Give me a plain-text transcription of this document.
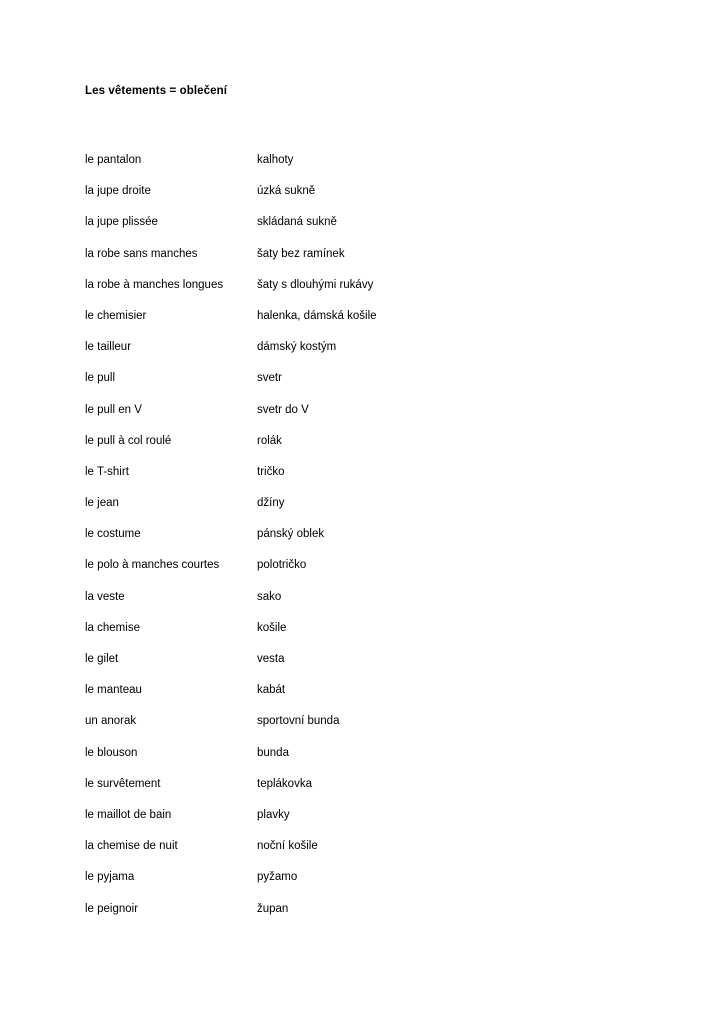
Les vêtements = oblečení
le pantalon	kalhoty
la jupe droite	úzká sukně
la jupe plissée	skládaná sukně
la robe sans manches	šaty bez ramínek
la robe à manches longues	šaty s dlouhými rukávy
le chemisier	halenka, dámská košile
le tailleur	dámský kostým
le pull	svetr
le pull en V	svetr do V
le pull à col roulé	rolák
le T-shirt	tričko
le jean	džíny
le costume	pánský oblek
le polo à manches courtes	polotričko
la veste	sako
la chemise	košile
le gilet	vesta
le manteau	kabát
un anorak	sportovní bunda
le blouson	bunda
le survêtement	teplákovka
le maillot de bain	plavky
la chemise de nuit	noční košile
le pyjama	pyžamo
le peignoir	župan
